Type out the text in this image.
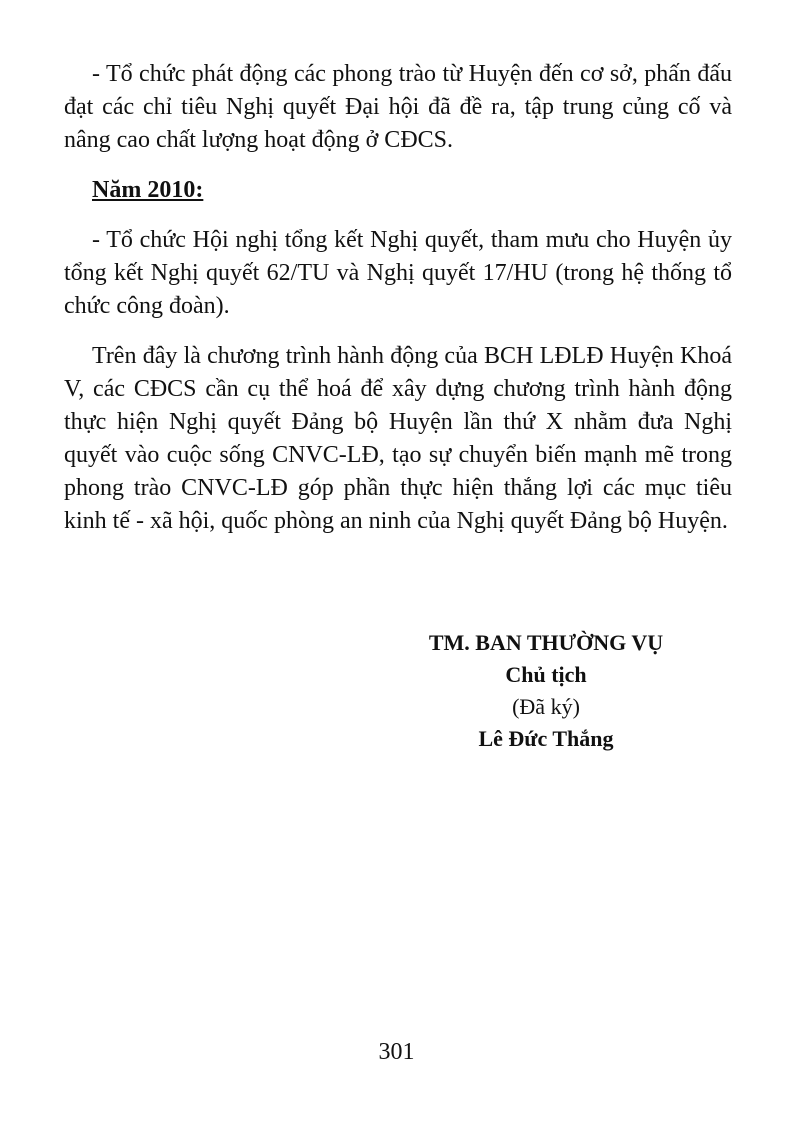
- Tổ chức phát động các phong trào từ Huyện đến cơ sở, phấn đấu đạt các chỉ tiêu Nghị quyết Đại hội đã đề ra, tập trung củng cố và nâng cao chất lượng hoạt động ở CĐCS.

Năm 2010:

- Tổ chức Hội nghị tổng kết Nghị quyết, tham mưu cho Huyện ủy tổng kết Nghị quyết 62/TU và Nghị quyết 17/HU (trong hệ thống tổ chức công đoàn).

Trên đây là chương trình hành động của BCH LĐLĐ Huyện Khoá V, các CĐCS cần cụ thể hoá để xây dựng chương trình hành động thực hiện Nghị quyết Đảng bộ Huyện lần thứ X nhằm đưa Nghị quyết vào cuộc sống CNVC-LĐ, tạo sự chuyển biến mạnh mẽ trong phong trào CNVC-LĐ góp phần thực hiện thắng lợi các mục tiêu kinh tế - xã hội, quốc phòng an ninh của Nghị quyết Đảng bộ Huyện.

TM. BAN THƯỜNG VỤ
Chủ tịch
(Đã ký)
Lê Đức Thắng
301
